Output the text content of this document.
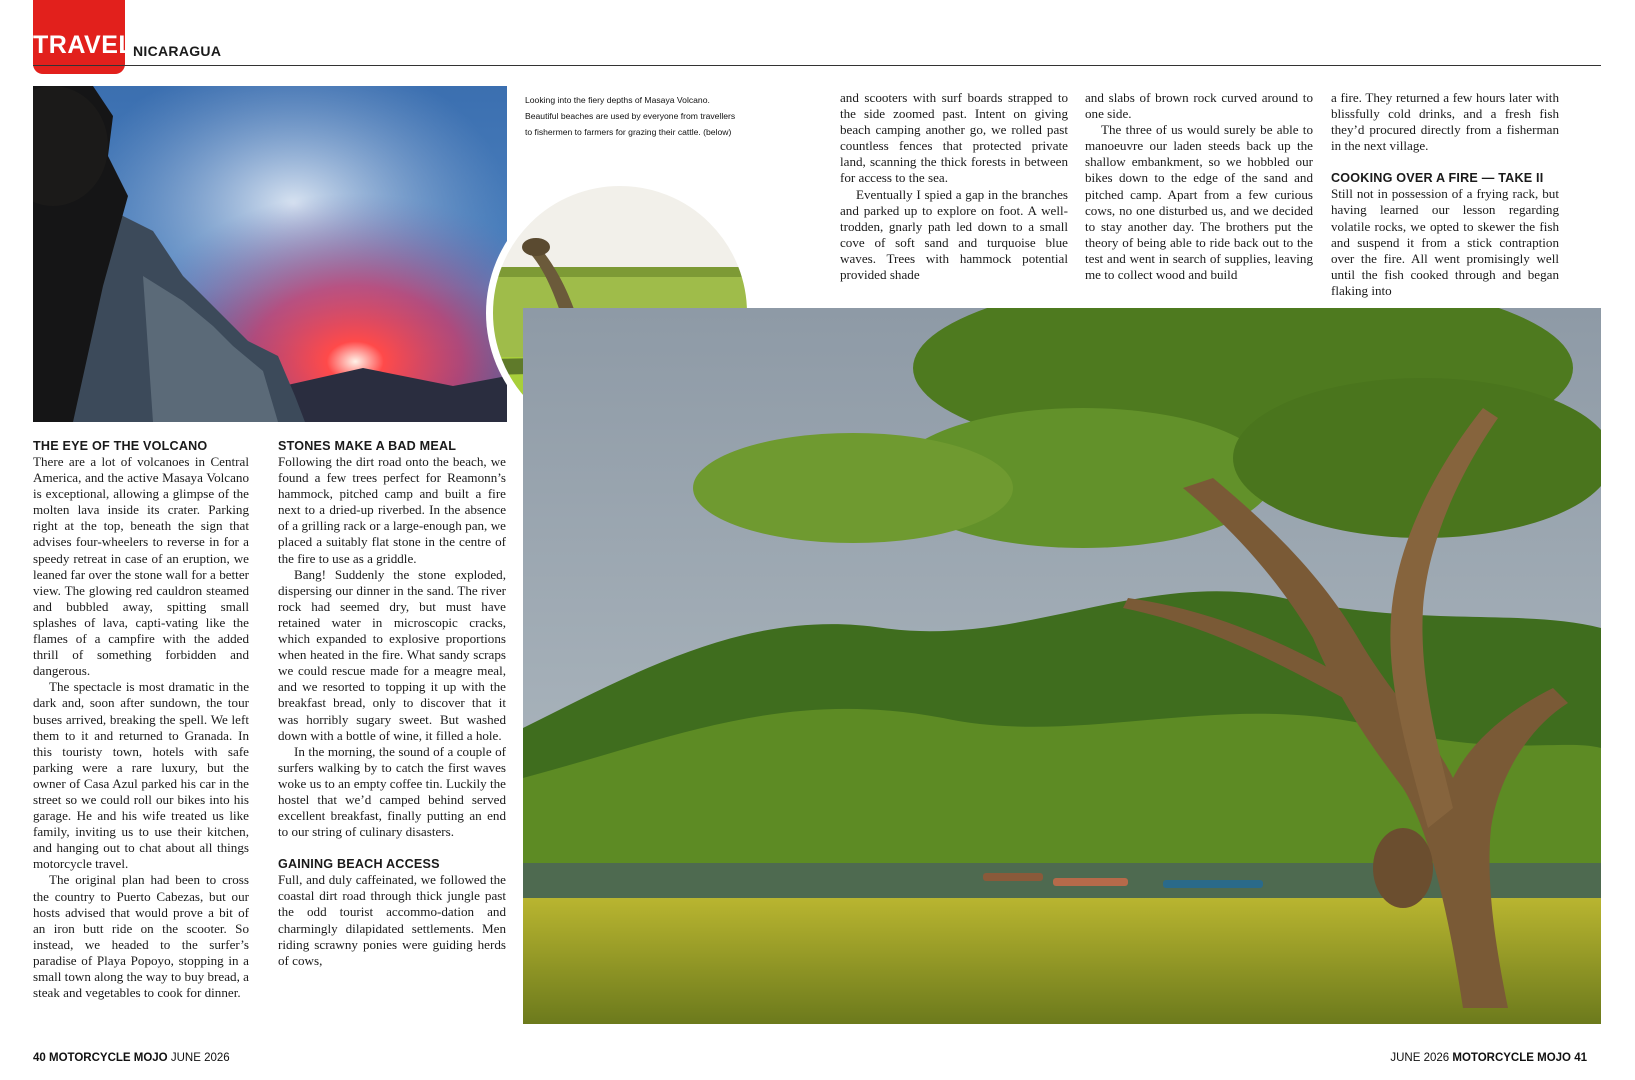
TRAVEL
NICARAGUA
Looking into the fiery depths of Masaya Volcano. Beautiful beaches are used by everyone from travellers to fishermen to farmers for grazing their cattle. (below)
THE EYE OF THE VOLCANO

There are a lot of volcanoes in Central America, and the active Masaya Volcano is exceptional, allowing a glimpse of the molten lava inside its crater. Parking right at the top, beneath the sign that advises four-wheelers to reverse in for a speedy retreat in case of an eruption, we leaned far over the stone wall for a better view. The glowing red cauldron steamed and bubbled away, spitting small splashes of lava, capti-vating like the flames of a campfire with the added thrill of something forbidden and dangerous.

The spectacle is most dramatic in the dark and, soon after sundown, the tour buses arrived, breaking the spell. We left them to it and returned to Granada. In this touristy town, hotels with safe parking were a rare luxury, but the owner of Casa Azul parked his car in the street so we could roll our bikes into his garage. He and his wife treated us like family, inviting us to use their kitchen, and hanging out to chat about all things motorcycle travel.

The original plan had been to cross the country to Puerto Cabezas, but our hosts advised that would prove a bit of an iron butt ride on the scooter. So instead, we headed to the surfer’s paradise of Playa Popoyo, stopping in a small town along the way to buy bread, a steak and vegetables to cook for dinner.

STONES MAKE A BAD MEAL

Following the dirt road onto the beach, we found a few trees perfect for Reamonn’s hammock, pitched camp and built a fire next to a dried-up riverbed. In the absence of a grilling rack or a large-enough pan, we placed a suitably flat stone in the centre of the fire to use as a griddle.

Bang! Suddenly the stone exploded, dispersing our dinner in the sand. The river rock had seemed dry, but must have retained water in microscopic cracks, which expanded to explosive proportions when heated in the fire. What sandy scraps we could rescue made for a meagre meal, and we resorted to topping it up with the breakfast bread, only to discover that it was horribly sugary sweet. But washed down with a bottle of wine, it filled a hole.

In the morning, the sound of a couple of surfers walking by to catch the first waves woke us to an empty coffee tin. Luckily the hostel that we’d camped behind served excellent breakfast, finally putting an end to our string of culinary disasters.

GAINING BEACH ACCESS

Full, and duly caffeinated, we followed the coastal dirt road through thick jungle past the odd tourist accommo-dation and charmingly dilapidated settlements. Men riding scrawny ponies were guiding herds of cows,

and scooters with surf boards strapped to the side zoomed past. Intent on giving beach camping another go, we rolled past countless fences that protected private land, scanning the thick forests in between for access to the sea.

Eventually I spied a gap in the branches and parked up to explore on foot. A well-trodden, gnarly path led down to a small cove of soft sand and turquoise blue waves. Trees with hammock potential provided shade

and slabs of brown rock curved around to one side.

The three of us would surely be able to manoeuvre our laden steeds back up the shallow embankment, so we hobbled our bikes down to the edge of the sand and pitched camp. Apart from a few curious cows, no one disturbed us, and we decided to stay another day. The brothers put the theory of being able to ride back out to the test and went in search of supplies, leaving me to collect wood and build

a fire. They returned a few hours later with blissfully cold drinks, and a fresh fish they’d procured directly from a fisherman in the next village.

COOKING OVER A FIRE — TAKE II

Still not in possession of a frying rack, but having learned our lesson regarding volatile rocks, we opted to skewer the fish and suspend it from a stick contraption over the fire. All went promisingly well until the fish cooked through and began flaking into

40 MOTORCYCLE MOJO JUNE 2026	JUNE 2026 MOTORCYCLE MOJO 41
